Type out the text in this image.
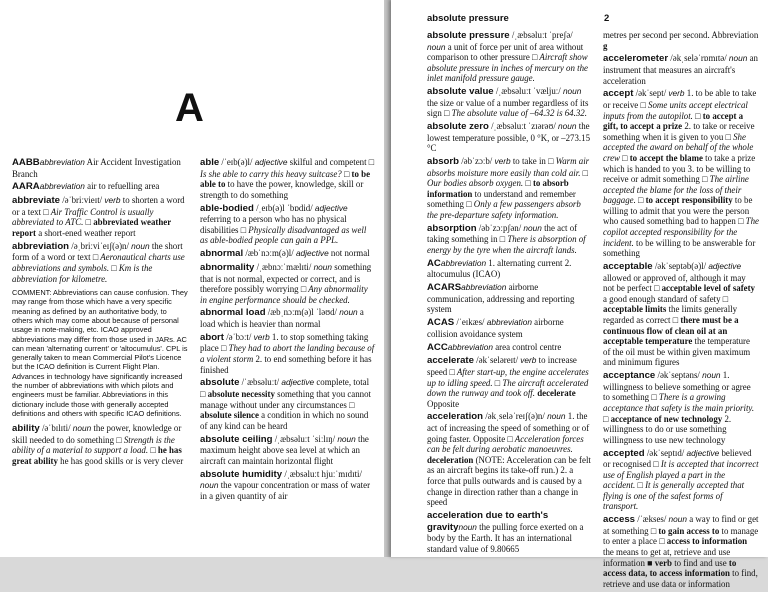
A

AABBabbreviation Air Accident Investigation Branch

AARAabbreviation air to refuelling area

abbreviate /əˈbriːvieɪt/ verb to shorten a word or a text □ Air Traffic Control is usually abbreviated to ATC. □ abbreviated weather report a short-ened weather report

abbreviation /əˌbriːviˈeɪʃ(ə)n/ noun the short form of a word or text □ Aeronautical charts use abbreviations and symbols. □ Km is the abbreviation for kilometre.

COMMENT: Abbreviations can cause confusion. They may range from those which have a very specific meaning as defined by an authoritative body, to others which may come about because of personal usage in note-making, etc. ICAO approved abbreviations may differ from those used in JARs. AC can mean 'alternating current' or 'altocumulus'. CPL is generally taken to mean Commercial Pilot's Licence but the ICAO definition is Current Flight Plan. Advances in technology have significantly increased the number of abbreviations with which pilots and engineers must be familiar. Abbreviations in this dictionary include those with generally accepted definitions and others with specific ICAO definitions.

ability /əˈbɪlɪti/ noun the power, knowledge or skill needed to do something □ Strength is the ability of a material to support a load. □ he has great ability he has good skills or is very clever

able /ˈeɪb(ə)l/ adjective skilful and competent □ Is she able to carry this heavy suitcase? □ to be able to to have the power, knowledge, skill or strength to do something

able-bodied /ˌeɪb(ə)l ˈbɒdid/ adjective referring to a person who has no physical disabilities □ Physically disadvantaged as well as able-bodied people can gain a PPL.

abnormal /æbˈnɔːm(ə)l/ adjective not normal

abnormality /ˌæbnɔːˈmælɪti/ noun something that is not normal, expected or correct, and is therefore possibly worrying □ Any abnormality in engine performance should be checked.

abnormal load /æbˌnɔːm(ə)l ˈləʊd/ noun a load which is heavier than normal

abort /əˈbɔːt/ verb 1. to stop something taking place □ They had to abort the landing because of a violent storm 2. to end something before it has finished

absolute /ˈæbsəluːt/ adjective complete, total □ absolute necessity something that you cannot manage without under any circumstances □ absolute silence a condition in which no sound of any kind can be heard

absolute ceiling /ˌæbsəluːt ˈsiːlɪŋ/ noun the maximum height above sea level at which an aircraft can maintain horizontal flight

absolute humidity /ˌæbsəluːt hjuːˈmɪdɪti/ noun the vapour concentration or mass of water in a given quantity of air

absolute pressure	2

absolute pressure /ˌæbsəluːt ˈpreʃə/ noun a unit of force per unit of area without comparison to other pressure □ Aircraft show absolute pressure in inches of mercury on the inlet manifold pressure gauge.

absolute value /ˌæbsəluːt ˈvæljuː/ noun the size or value of a number regardless of its sign □ The absolute value of –64.32 is 64.32.

absolute zero /ˌæbsəluːt ˈzɪərəʊ/ noun the lowest temperature possible, 0 °K, or –273.15 °C

absorb /əbˈzɔːb/ verb to take in □ Warm air absorbs moisture more easily than cold air. □ Our bodies absorb oxygen. □ to absorb information to understand and remember something □ Only a few passengers absorb the pre-departure safety information.

absorption /əbˈzɔːpʃən/ noun the act of taking something in □ There is absorption of energy by the tyre when the aircraft lands.

ACabbreviation 1. alternating current 2. altocumulus (ICAO)

ACARSabbreviation airborne communication, addressing and reporting system

ACAS /ˈeɪkæs/ abbreviation airborne collision avoidance system

ACCabbreviation area control centre

accelerate /əkˈseləreɪt/ verb to increase speed □ After start-up, the engine accelerates up to idling speed. □ The aircraft accelerated down the runway and took off. decelerate Opposite

acceleration /əkˌseləˈreɪʃ(ə)n/ noun 1. the act of increasing the speed of something or of going faster. Opposite □ Acceleration forces can be felt during aerobatic manoeuvres. deceleration (NOTE: Acceleration can be felt as an aircraft begins its take-off run.) 2. a force that pulls outwards and is caused by a change in direction rather than a change in speed

acceleration due to earth's gravitynoun the pulling force exerted on a body by the Earth. It has an international standard value of 9.80665

metres per second per second. Abbreviation g

accelerometer /əkˌseləˈrɒmɪtə/ noun an instrument that measures an aircraft's acceleration

accept /əkˈsept/ verb 1. to be able to take or receive □ Some units accept electrical inputs from the autopilot. □ to accept a gift, to accept a prize 2. to take or receive something when it is given to you □ She accepted the award on behalf of the whole crew □ to accept the blame to take a prize which is handed to you 3. to be willing to receive or admit something □ The airline accepted the blame for the loss of their baggage. □ to accept responsibility to be willing to admit that you were the person who caused something bad to happen □ The copilot accepted responsibility for the incident. to be willing to be answerable for something

acceptable /əkˈseptəb(ə)l/ adjective allowed or approved of, although it may not be perfect □ acceptable level of safety a good enough standard of safety □ acceptable limits the limits generally regarded as correct □ there must be a continuous flow of clean oil at an acceptable temperature the temperature of the oil must be within given maximum and minimum figures

acceptance /əkˈseptəns/ noun 1. willingness to believe something or agree to something □ There is a growing acceptance that safety is the main priority. □ acceptance of new technology 2. willingness to do or use something willingness to use new technology

accepted /əkˈseptɪd/ adjective believed or recognised □ It is accepted that incorrect use of English played a part in the accident. □ It is generally accepted that flying is one of the safest forms of transport.

access /ˈækses/ noun a way to find or get at something □ to gain access to to manage to enter a place □ access to information the means to get at, retrieve and use information ■ verb to find and use to access data, to access information to find, retrieve and use data or information
